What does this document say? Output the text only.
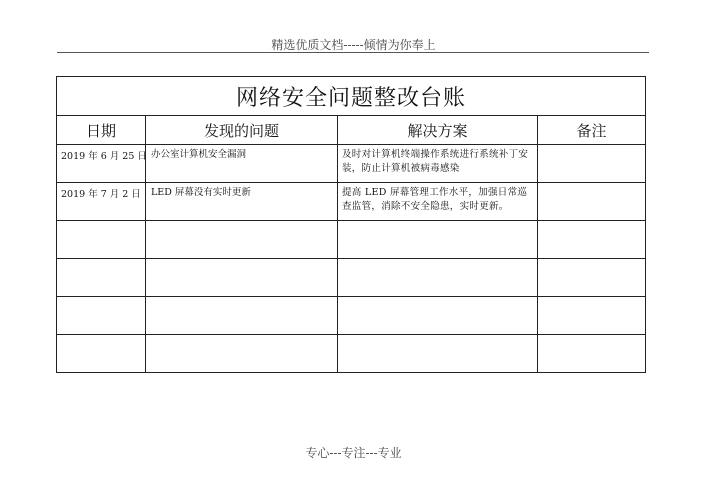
精选优质文档-----倾情为你奉上
网络安全问题整改台账			
日期	发现的问题	解决方案	备注
2019 年 6 月 25 日	办公室计算机安全漏洞	及时对计算机终端操作系统进行系统补丁安装，防止计算机被病毒感染	
2019 年 7 月 2 日	LED 屏幕没有实时更新	提高 LED 屏幕管理工作水平，加强日常巡查监管，消除不安全隐患，实时更新。	

专心---专注---专业
